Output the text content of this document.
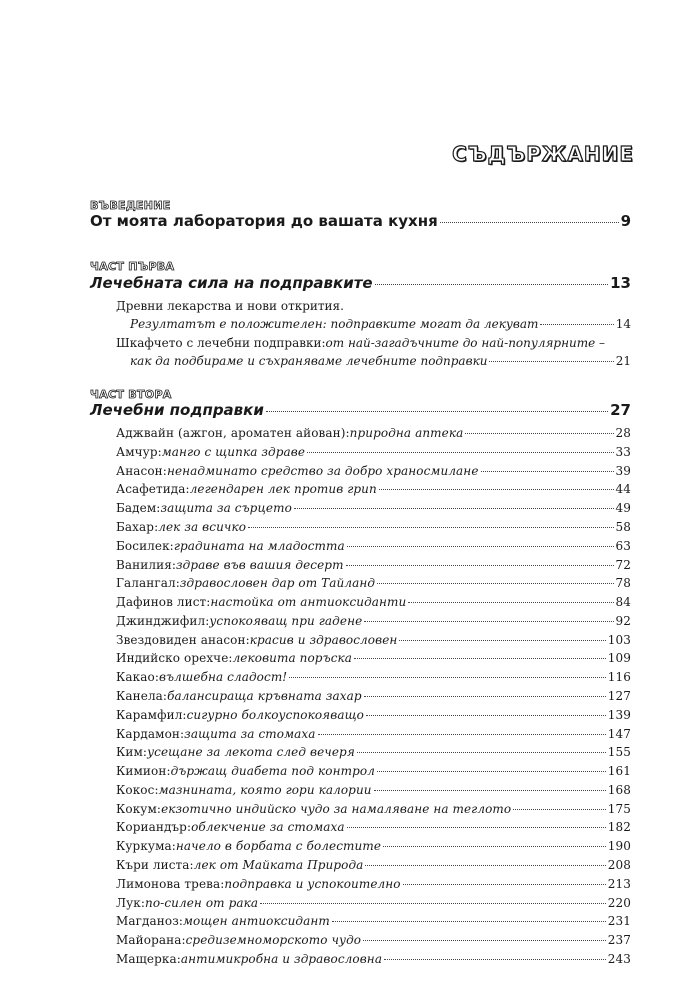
СЪДЪРЖАНИЕ
ВЪВЕДЕНИЕ
От моята лаборатория до вашата кухня	9
ЧАСТ ПЪРВА
Лечебната сила на подправките	13
Древни лекарства и нови открития.
Резултатът е положителен: подправките могат да лекуват	14
Шкафчето с лечебни подправки: от най-загадъчните до най-популярните –
как да подбираме и съхраняваме лечебните подправки	21
ЧАСТ ВТОРА
Лечебни подправки	27
Аджвайн (ажгон, ароматен айован): природна аптека	28
Амчур: манго с щипка здраве	33
Анасон: ненадминато средство за добро храносмилане	39
Асафетида: легендарен лек против грип	44
Бадем: защита за сърцето	49
Бахар: лек за всичко	58
Босилек: градината на младостта	63
Ванилия: здраве във вашия десерт	72
Галангал: здравословен дар от Тайланд	78
Дафинов лист: настойка от антиоксиданти	84
Джинджифил: успокояващ при гадене	92
Звездовиден анасон: красив и здравословен	103
Индийско орехче: лековита поръска	109
Какао: вълшебна сладост!	116
Канела: балансираща кръвната захар	127
Карамфил: сигурно болкоуспокояващо	139
Кардамон: защита за стомаха	147
Ким: усещане за лекота след вечеря	155
Кимион: държащ диабета под контрол	161
Кокос: мазнината, която гори калории	168
Кокум: екзотично индийско чудо за намаляване на теглото	175
Кориандър: облекчение за стомаха	182
Куркума: начело в борбата с болестите	190
Къри листа: лек от Майката Природа	208
Лимонова трева: подправка и успокоително	213
Лук: по-силен от рака	220
Магданоз: мощен антиоксидант	231
Майорана: средиземноморското чудо	237
Мащерка: антимикробна и здравословна	243
